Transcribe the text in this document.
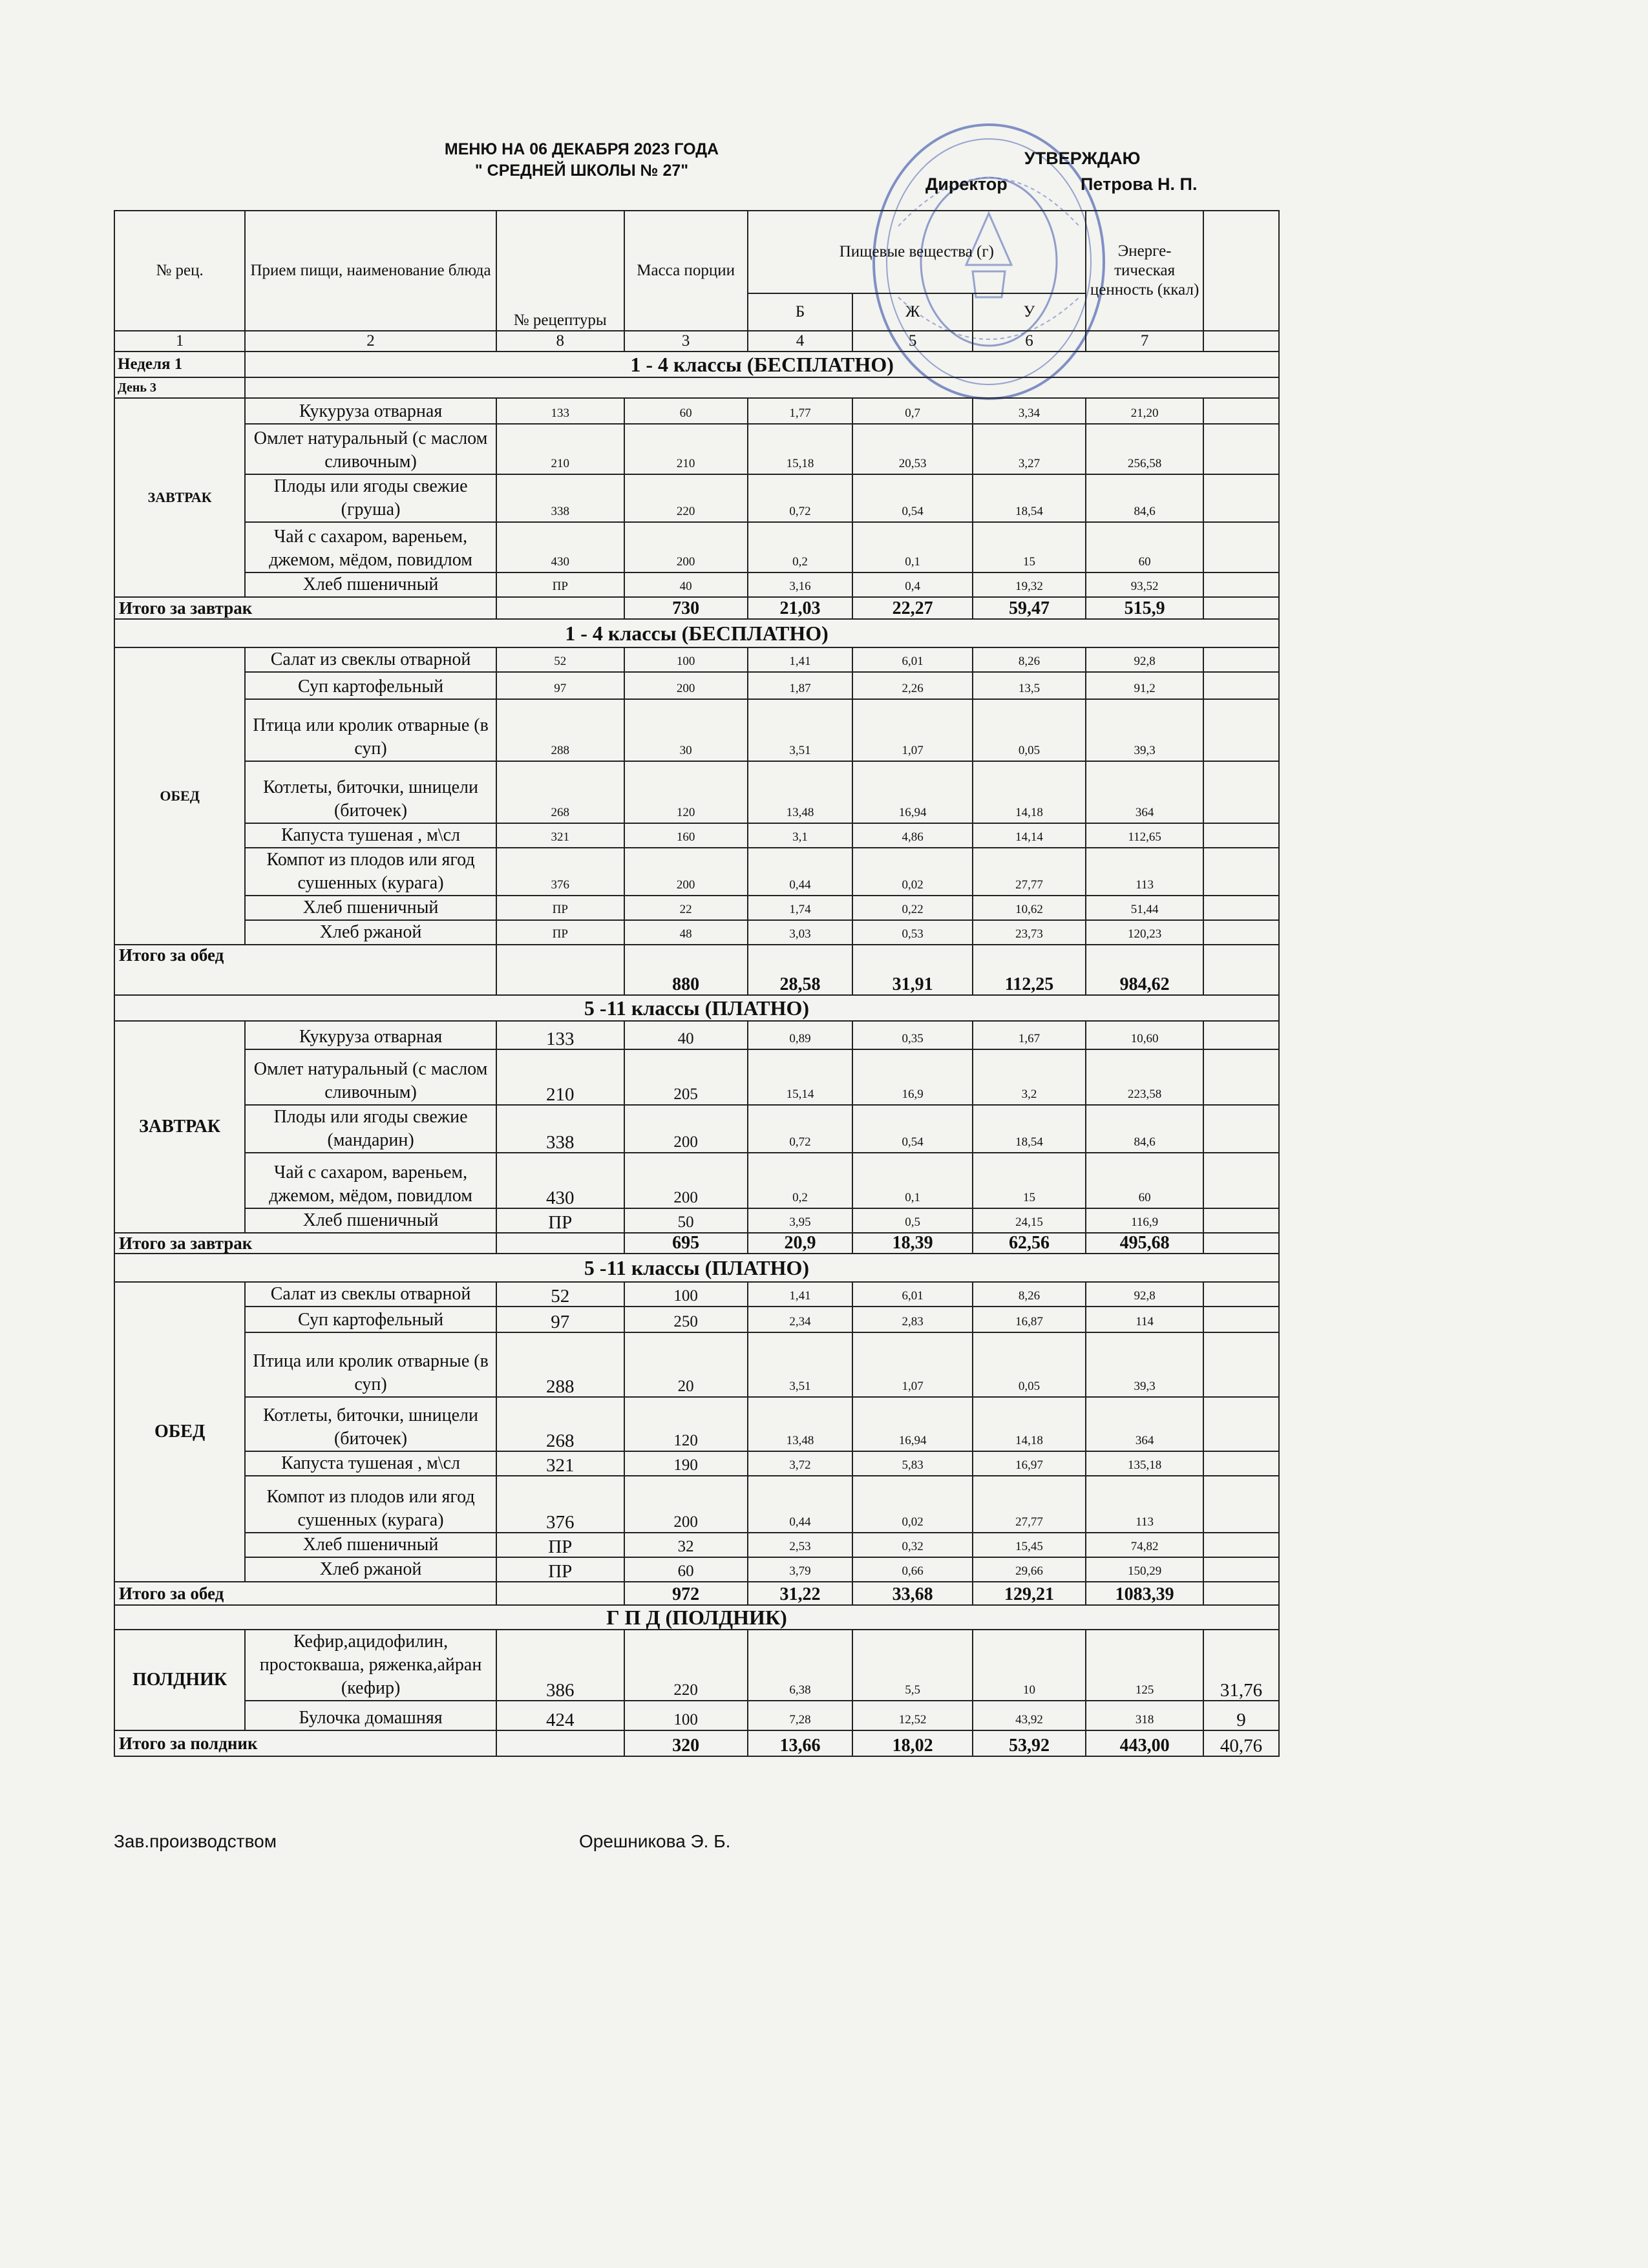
МЕНЮ НА 06 ДЕКАБРЯ 2023 ГОДА
" СРЕДНЕЙ ШКОЛЫ № 27"
УТВЕРЖДАЮ
Директор	Петрова Н. П.
№ рец.	Прием пищи, наименование блюда	№ рецептуры	Масса порции	Пищевые вещества (г)			Энерге-тическая ценность (ккал)	
				Б	Ж	У		
1	2	8	3	4	5	6	7	
Неделя 1	1 - 4 классы (БЕСПЛАТНО)							
День 3								
ЗАВТРАК	Кукуруза отварная	133	60	1,77	0,7	3,34	21,20	
	Омлет натуральный (с маслом сливочным)	210	210	15,18	20,53	3,27	256,58	
	Плоды или ягоды свежие (груша)	338	220	0,72	0,54	18,54	84,6	
	Чай с сахаром, вареньем, джемом, мёдом, повидлом	430	200	0,2	0,1	15	60	
	Хлеб пшеничный	ПР	40	3,16	0,4	19,32	93,52	
Итого за завтрак			730	21,03	22,27	59,47	515,9	
1 - 4 классы (БЕСПЛАТНО)								
ОБЕД	Салат из свеклы отварной	52	100	1,41	6,01	8,26	92,8	
	Суп картофельный	97	200	1,87	2,26	13,5	91,2	
	Птица или кролик отварные (в суп)	288	30	3,51	1,07	0,05	39,3	
	Котлеты, биточки, шницели (биточек)	268	120	13,48	16,94	14,18	364	
	Капуста тушеная , м\сл	321	160	3,1	4,86	14,14	112,65	
	Компот из плодов или ягод сушенных (курага)	376	200	0,44	0,02	27,77	113	
	Хлеб пшеничный	ПР	22	1,74	0,22	10,62	51,44	
	Хлеб ржаной	ПР	48	3,03	0,53	23,73	120,23	
Итого за обед			880	28,58	31,91	112,25	984,62	
5 -11 классы (ПЛАТНО)								
ЗАВТРАК	Кукуруза отварная	133	40	0,89	0,35	1,67	10,60	
	Омлет натуральный (с маслом сливочным)	210	205	15,14	16,9	3,2	223,58	
	Плоды или ягоды свежие (мандарин)	338	200	0,72	0,54	18,54	84,6	
	Чай с сахаром, вареньем, джемом, мёдом, повидлом	430	200	0,2	0,1	15	60	
	Хлеб пшеничный	ПР	50	3,95	0,5	24,15	116,9	
Итого за завтрак			695	20,9	18,39	62,56	495,68	
5 -11 классы (ПЛАТНО)								
ОБЕД	Салат из свеклы отварной	52	100	1,41	6,01	8,26	92,8	
	Суп картофельный	97	250	2,34	2,83	16,87	114	
	Птица или кролик отварные (в суп)	288	20	3,51	1,07	0,05	39,3	
	Котлеты, биточки, шницели (биточек)	268	120	13,48	16,94	14,18	364	
	Капуста тушеная , м\сл	321	190	3,72	5,83	16,97	135,18	
	Компот из плодов или ягод сушенных (курага)	376	200	0,44	0,02	27,77	113	
	Хлеб пшеничный	ПР	32	2,53	0,32	15,45	74,82	
	Хлеб ржаной	ПР	60	3,79	0,66	29,66	150,29	
Итого за обед			972	31,22	33,68	129,21	1083,39	
Г П Д (ПОЛДНИК)								
ПОЛДНИК	Кефир,ацидофилин, простокваша, ряженка,айран (кефир)	386	220	6,38	5,5	10	125	31,76
	Булочка домашняя	424	100	7,28	12,52	43,92	318	9
Итого за полдник			320	13,66	18,02	53,92	443,00	40,76
Зав.производством	Орешникова Э. Б.
